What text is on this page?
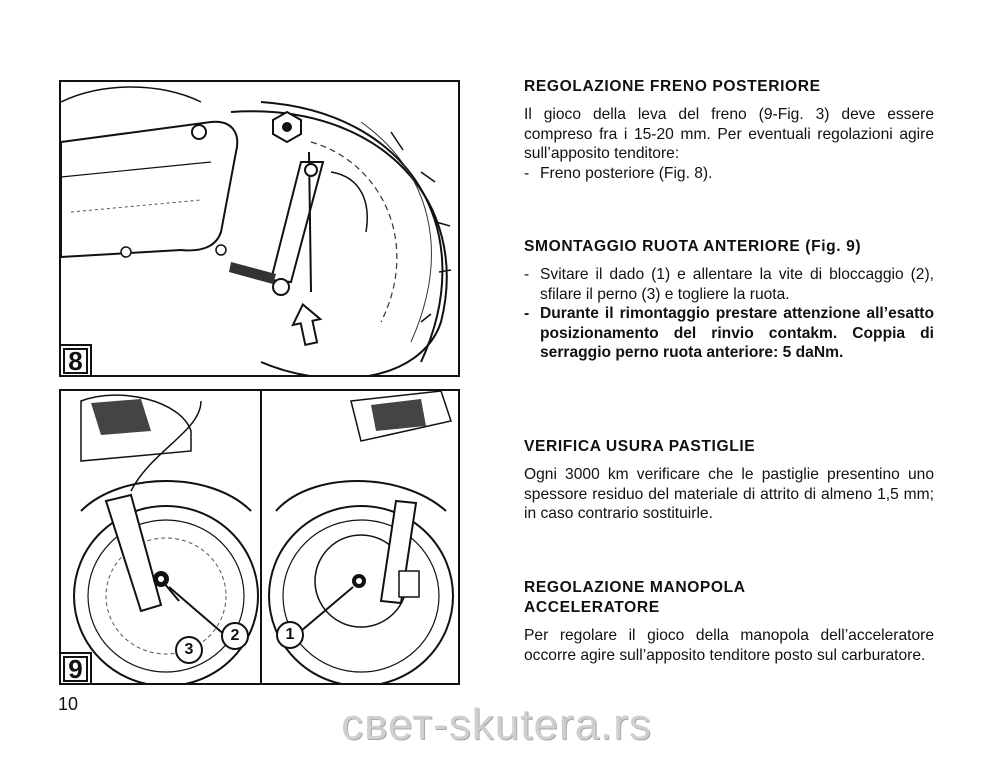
8
2
3
1
9
10
REGOLAZIONE FRENO POSTERIORE

Il gioco della leva del freno (9-Fig. 3) deve essere compreso fra i 15-20 mm. Per eventuali regolazioni agire sull’apposito tenditore:

- Freno posteriore (Fig. 8).
SMONTAGGIO RUOTA ANTERIORE (Fig. 9)
- Svitare il dado (1) e allentare la vite di bloccaggio (2), sfilare il perno (3) e togliere la ruota.
- Durante il rimontaggio prestare attenzione all’esatto posizionamento del rinvio contakm. Coppia di serraggio perno ruota anteriore: 5 daNm.
VERIFICA USURA PASTIGLIE

Ogni 3000 km verificare che le pastiglie presentino uno spessore residuo del materiale di attrito di almeno 1,5 mm; in caso contrario sostituirle.

REGOLAZIONE MANOPOLA ACCELERATORE

Per regolare il gioco della manopola dell’acceleratore occorre agire sull’apposito tenditore posto sul carburatore.

свет-skutera.rs
